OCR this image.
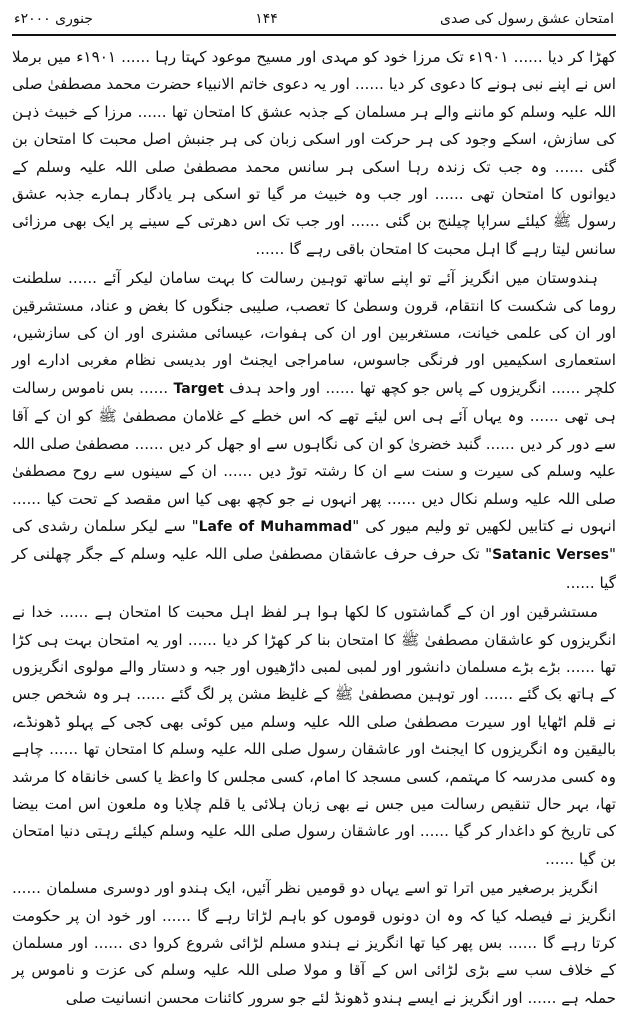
امتحان عشق رسول کی صدی
۱۴۴
جنوری ۲۰۰۰ء

کھڑا کر دیا ...... ۱۹۰۱ء تک مرزا خود کو مہدی اور مسیح موعود کہتا رہا ...... ۱۹۰۱ء میں برملا اس نے اپنے نبی ہونے کا دعوی کر دیا ...... اور یہ دعوی خاتم الانبیاء حضرت محمد مصطفیٰ صلی اللہ علیہ وسلم کو ماننے والے ہر مسلمان کے جذبہ عشق کا امتحان تھا ...... مرزا کے خبیث ذہن کی سازش، اسکے وجود کی ہر حرکت اور اسکی زبان کی ہر جنبش اصل محبت کا امتحان بن گئی ...... وہ جب تک زندہ رہا اسکی ہر سانس محمد مصطفیٰ صلی اللہ علیہ وسلم کے دیوانوں کا امتحان تھی ...... اور جب وہ خبیث مر گیا تو اسکی ہر یادگار ہمارے جذبہ عشق رسول ﷺ کیلئے سراپا چیلنج بن گئی ...... اور جب تک اس دھرتی کے سینے پر ایک بھی مرزائی سانس لیتا رہے گا اہل محبت کا امتحان باقی رہے گا ......

ہندوستان میں انگریز آئے تو اپنے ساتھ توہین رسالت کا بہت سامان لیکر آئے ...... سلطنت روما کی شکست کا انتقام، قرون وسطیٰ کا تعصب، صلیبی جنگوں کا بغض و عناد، مستشرقین اور ان کی علمی خیانت، مستغربین اور ان کی ہفوات، عیسائی مشنری اور ان کی سازشیں، استعماری اسکیمیں اور فرنگی جاسوس، سامراجی ایجنٹ اور بدیسی نظام مغربی ادارے اور کلچر ...... انگریزوں کے پاس جو کچھ تھا ...... اور واحد ہدف Target ...... بس ناموس رسالت ہی تھی ...... وہ یہاں آئے ہی اس لیئے تھے کہ اس خطے کے غلامان مصطفیٰ ﷺ کو ان کے آقا سے دور کر دیں ...... گنبد خضریٰ کو ان کی نگاہوں سے او جھل کر دیں ...... مصطفیٰ صلی اللہ علیہ وسلم کی سیرت و سنت سے ان کا رشتہ توڑ دیں ...... ان کے سینوں سے روح مصطفیٰ صلی اللہ علیہ وسلم نکال دیں ...... پھر انہوں نے جو کچھ بھی کیا اس مقصد کے تحت کیا ...... انہوں نے کتابیں لکھیں تو ولیم میور کی "Lafe of Muhammad" سے لیکر سلمان رشدی کی "Satanic Verses" تک حرف حرف عاشقان مصطفیٰ صلی اللہ علیہ وسلم کے جگر چھلنی کر گیا ......

مستشرقین اور ان کے گماشتوں کا لکھا ہوا ہر لفظ اہل محبت کا امتحان ہے ...... خدا نے انگریزوں کو عاشقان مصطفیٰ ﷺ کا امتحان بنا کر کھڑا کر دیا ...... اور یہ امتحان بہت ہی کڑا تھا ...... بڑے بڑے مسلمان دانشور اور لمبی لمبی داڑھیوں اور جبہ و دستار والے مولوی انگریزوں کے ہاتھ بک گئے ...... اور توہین مصطفیٰ ﷺ کے غلیظ مشن پر لگ گئے ...... ہر وہ شخص جس نے قلم اٹھایا اور سیرت مصطفیٰ صلی اللہ علیہ وسلم میں کوئی بھی کجی کے پہلو ڈھونڈے، بالیقین وہ انگریزوں کا ایجنٹ اور عاشقان رسول صلی اللہ علیہ وسلم کا امتحان تھا ...... چاہے وہ کسی مدرسہ کا مہتمم، کسی مسجد کا امام، کسی مجلس کا واعظ یا کسی خانقاہ کا مرشد تھا، بہر حال تنقیص رسالت میں جس نے بھی زبان ہلائی یا قلم چلایا وہ ملعون اس امت بیضا کی تاریخ کو داغدار کر گیا ...... اور عاشقان رسول صلی اللہ علیہ وسلم کیلئے رہتی دنیا امتحان بن گیا ......

انگریز برصغیر میں اترا تو اسے یہاں دو قومیں نظر آئیں، ایک ہندو اور دوسری مسلمان ...... انگریز نے فیصلہ کیا کہ وہ ان دونوں قوموں کو باہم لڑاتا رہے گا ...... اور خود ان پر حکومت کرتا رہے گا ...... بس پھر کیا تھا انگریز نے ہندو مسلم لڑائی شروع کروا دی ...... اور مسلمان کے خلاف سب سے بڑی لڑائی اس کے آقا و مولا صلی اللہ علیہ وسلم کی عزت و ناموس پر حملہ ہے ...... اور انگریز نے ایسے ہندو ڈھونڈ لئے جو سرور کائنات محسن انسانیت صلی
